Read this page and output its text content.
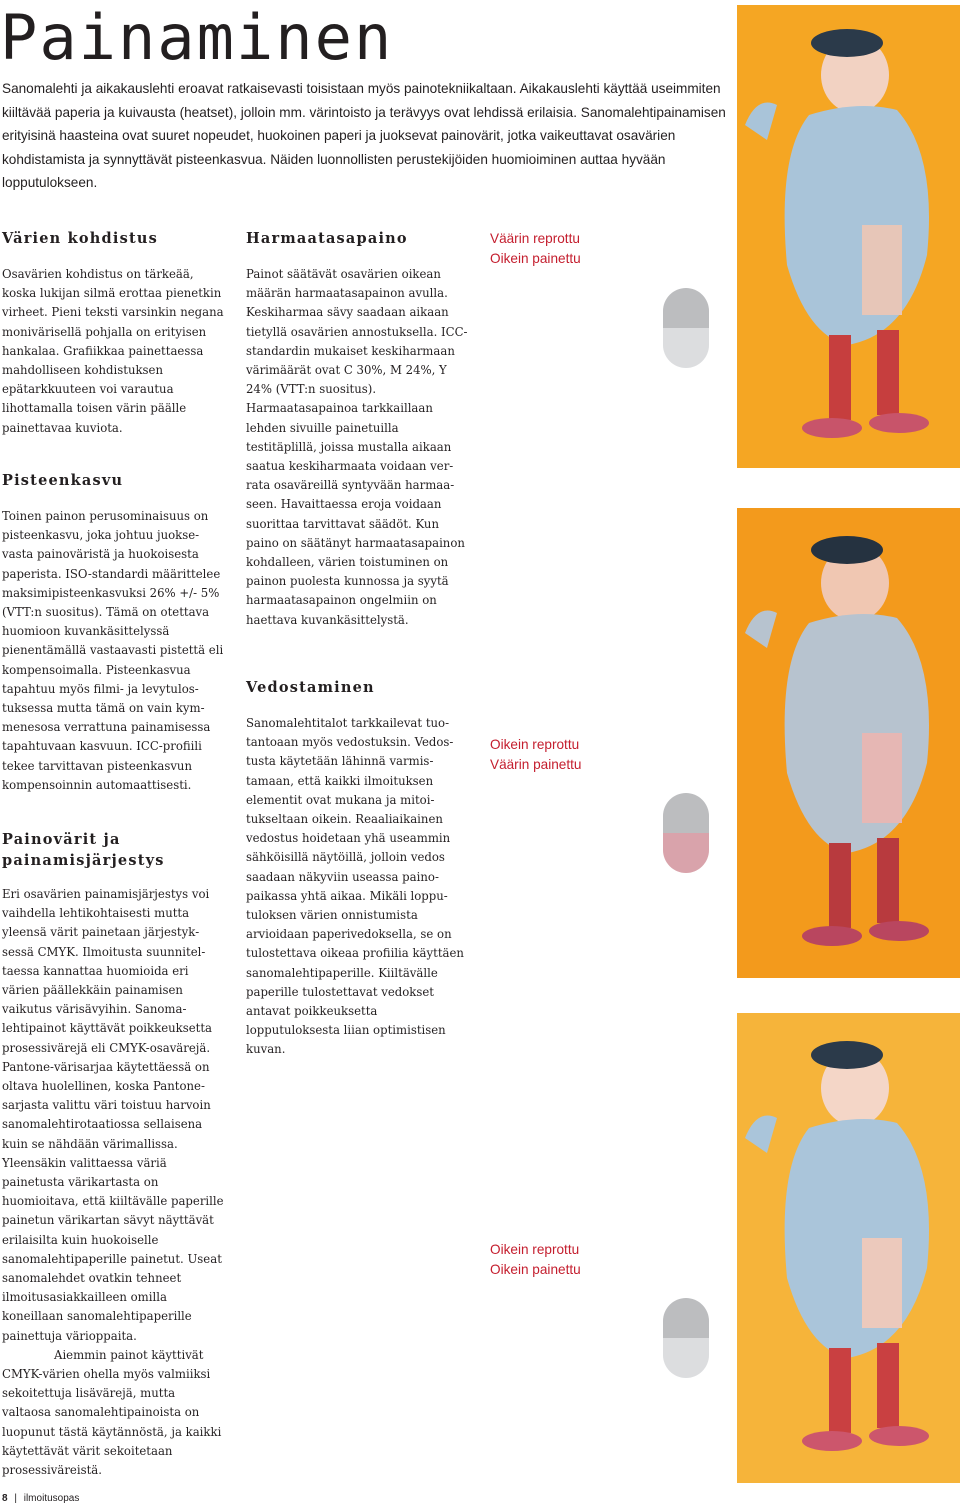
Painaminen

Sanomalehti ja aikakauslehti eroavat ratkaisevasti toisistaan myös painotekniikaltaan. Aikakauslehti käyttää useimmiten kiiltävää paperia ja kuivausta (heatset), jolloin mm. värintoisto ja terävyys ovat lehdissä erilaisia. Sanomalehtipainamisen erityisinä haasteina ovat suuret nopeudet, huokoinen paperi ja juoksevat painovärit, jotka vaikeuttavat osavärien kohdistamista ja synnyttävät pisteenkasvua. Näiden luonnollisten perustekijöiden huomioiminen auttaa hyvään lopputulokseen.

Värien kohdistus

Osavärien kohdistus on tärkeää, koska lukijan silmä erottaa pienetkin virheet. Pieni teksti varsinkin negana monivärisellä pohjalla on erityisen hankalaa. Grafiikkaa painettaessa mahdolliseen kohdistuksen epätarkkuuteen voi varautua lihottamalla toisen värin päälle painettavaa kuviota.

Pisteenkasvu

Toinen painon perusominaisuus on pisteenkasvu, joka johtuu juoksevasta painoväristä ja huokoisesta paperista. ISO-standardi määrittelee maksimipisteenkasvuksi 26% +/- 5% (VTT:n suositus). Tämä on otettava huomioon kuvankäsittelyssä pienentämällä vastaavasti pistettä eli kompensoimalla. Pisteenkasvua tapahtuu myös filmi- ja levytulostuksessa mutta tämä on vain kymmenesosa verrattuna painamisessa tapahtuvaan kasvuun. ICC-profiili tekee tarvittavan pisteenkasvun kompensoinnin automaattisesti.

Painovärit ja
painamisjärjestys

Eri osavärien painamisjärjestys voi vaihdella lehtikohtaisesti mutta yleensä värit painetaan järjestyksessä CMYK. Ilmoitusta suunniteltaessa kannattaa huomioida eri värien päällekkäin painamisen vaikutus värisävyihin. Sanomalehtipainot käyttävät poikkeuksetta prosessivärejä eli CMYK-osavärejä. Pantone-värisarjaa käytettäessä on oltava huolellinen, koska Pantone-sarjasta valittu väri toistuu harvoin sanomalehtirotaatiossa sellaisena kuin se nähdään värimallissa. Yleensäkin valittaessa väriä painetusta värikartasta on huomioitava, että kiiltävälle paperille painetun värikartan sävyt näyttävät erilaisilta kuin huokoiselle sanomalehtipaperille painetut. Useat sanomalehdet ovatkin tehneet ilmoitusasiakkailleen omilla koneillaan sanomalehtipaperille painettuja värioppaita.

Aiemmin painot käyttivät CMYK-värien ohella myös valmiiksi sekoitettuja lisävärejä, mutta valtaosa sanomalehtipainoista on luopunut tästä käytännöstä, ja kaikki käytettävät värit sekoitetaan prosessiväreistä.

Harmaatasapaino

Painot säätävät osavärien oikean määrän harmaatasapainon avulla. Keskiharmaa sävy saadaan aikaan tietyllä osavärien annostuksella. ICC-standardin mukaiset keskiharmaan värimäärät ovat C 30%, M 24%, Y 24% (VTT:n suositus). Harmaatasapainoa tarkkaillaan lehden sivuille painetuilla testitäplillä, joissa mustalla aikaan saatua keskiharmaata voidaan verrata osaväreillä syntyvään harmaaseen. Havaittaessa eroja voidaan suorittaa tarvittavat säädöt. Kun paino on säätänyt harmaatasapainon kohdalleen, värien toistuminen on painon puolesta kunnossa ja syytä harmaatasapainon ongelmiin on haettava kuvankäsittelystä.

Vedostaminen

Sanomalehtitalot tarkkailevat tuotantoaan myös vedostuksin. Vedostusta käytetään lähinnä varmistamaan, että kaikki ilmoituksen elementit ovat mukana ja mitoitukseltaan oikein. Reaaliaikainen vedostus hoidetaan yhä useammin sähköisillä näytöillä, jolloin vedos saadaan näkyviin useassa painopaikassa yhtä aikaa. Mikäli lopputuloksen värien onnistumista arvioidaan paperivedoksella, se on tulostettava oikeaa profiilia käyttäen sanomalehtipaperille. Kiiltävälle paperille tulostettavat vedokset antavat poikkeuksetta lopputuloksesta liian optimistisen kuvan.

Väärin reprottu
Oikein painettu
Oikein reprottu
Väärin painettu
Oikein reprottu
Oikein painettu
8 | ilmoitusopas
